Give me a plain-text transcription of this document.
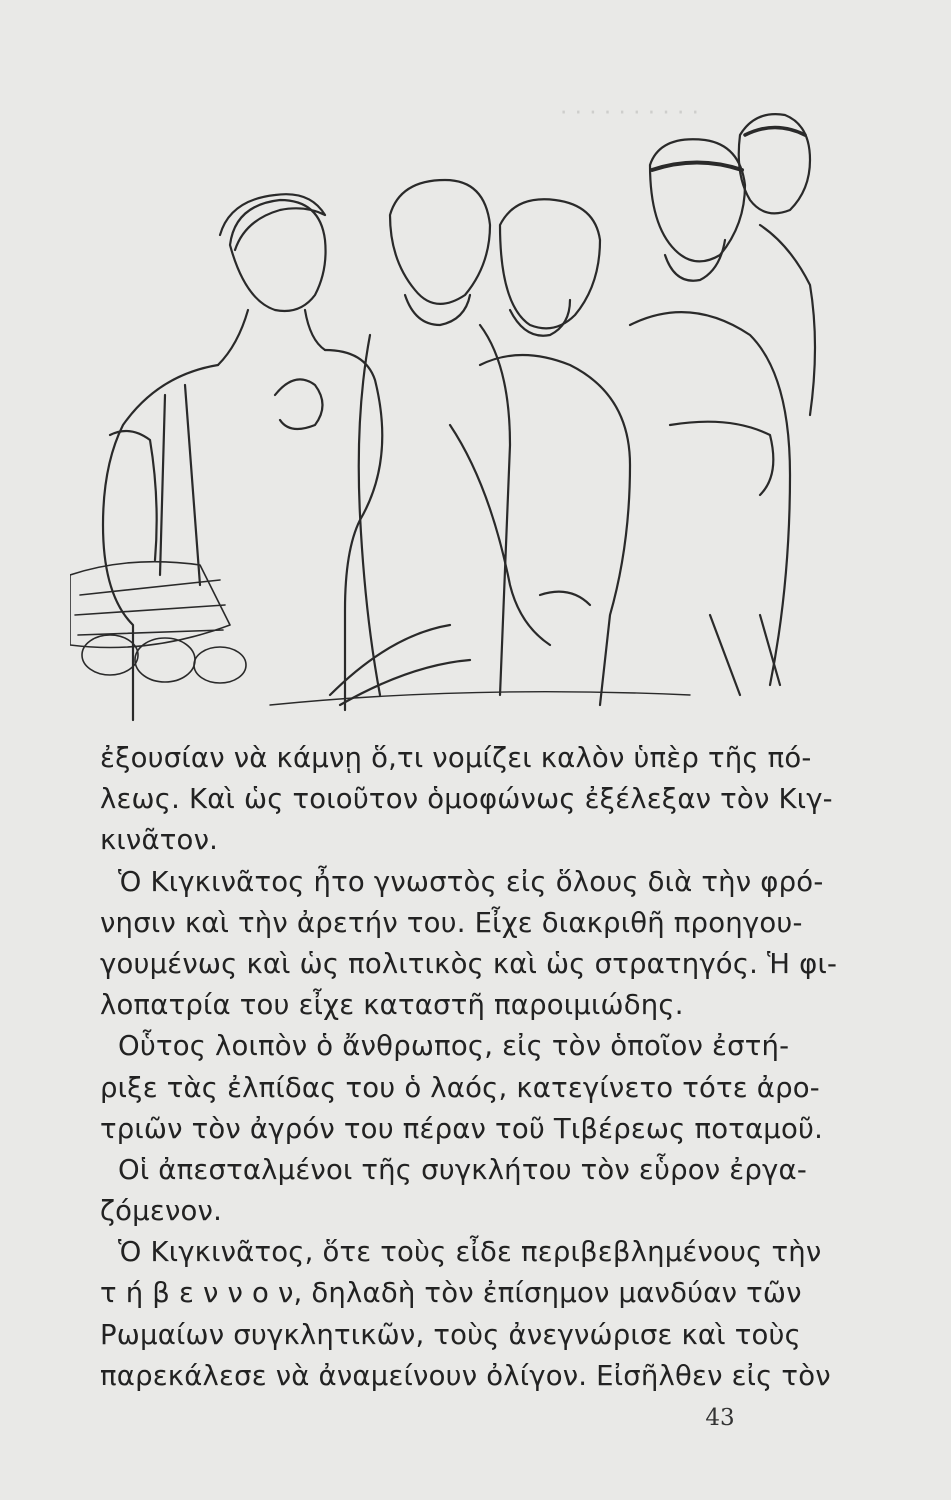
· · · · · · · · · ·
ἐξουσίαν νὰ κάμνῃ ὅ,τι νομίζει καλὸν ὑπὲρ τῆς πό-
λεως. Καὶ ὡς τοιοῦτον ὁμοφώνως ἐξέλεξαν τὸν Κιγ-
κινᾶτον.
Ὁ Κιγκινᾶτος ἦτο γνωστὸς εἰς ὅλους διὰ τὴν φρό-
νησιν καὶ τὴν ἀρετήν του. Εἶχε διακριθῆ προηγου-
γουμένως καὶ ὡς πολιτικὸς καὶ ὡς στρατηγός. Ἡ φι-
λοπατρία του εἶχε καταστῆ παροιμιώδης.
Οὗτος λοιπὸν ὁ ἄνθρωπος, εἰς τὸν ὁποῖον ἐστή-
ριξε τὰς ἐλπίδας του ὁ λαός, κατεγίνετο τότε ἀρο-
τριῶν τὸν ἀγρόν του πέραν τοῦ Τιβέρεως ποταμοῦ.
Οἱ ἀπεσταλμένοι τῆς συγκλήτου τὸν εὗρον ἐργα-
ζόμενον.
Ὁ Κιγκινᾶτος, ὅτε τοὺς εἶδε περιβεβλημένους τὴν
τ ή β ε ν ν ο ν, δηλαδὴ τὸν ἐπίσημον μανδύαν τῶν
Ρωμαίων συγκλητικῶν, τοὺς ἀνεγνώρισε καὶ τοὺς
παρεκάλεσε νὰ ἀναμείνουν ὀλίγον. Εἰσῆλθεν εἰς τὸν
43
